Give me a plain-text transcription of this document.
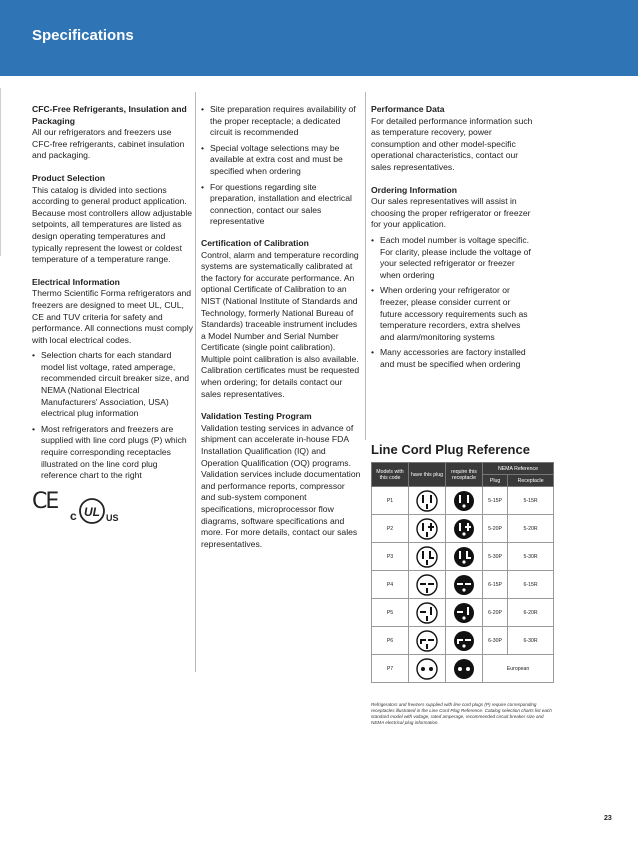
Specifications
CFC-Free Refrigerants, Insulation and Packaging
All our refrigerators and freezers use CFC-free refrigerants, cabinet insulation and packaging.
Product Selection
This catalog is divided into sections according to general product application. Because most controllers allow adjustable setpoints, all temperatures are listed as design operating temperatures and typically represent the lowest or coldest temperature of a temperature range.
Electrical Information
Thermo Scientific Forma refrigerators and freezers are designed to meet UL, CUL, CE and TUV criteria for safety and performance. All connections must comply with local electrical codes.
• Selection charts for each standard model list voltage, rated amperage, recommended circuit breaker size, and NEMA (National Electrical Manufacturers' Association, USA) electrical plug information
• Most refrigerators and freezers are supplied with line cord plugs (P) which require corresponding receptacles illustrated on the line cord plug reference chart to the right
CE
c UL US
• Site preparation requires availability of the proper receptacle; a dedicated circuit is recommended
• Special voltage selections may be available at extra cost and must be specified when ordering
• For questions regarding site preparation, installation and electrical connection, contact our sales representative
Certification of Calibration
Control, alarm and temperature recording systems are systematically calibrated at the factory for accurate performance. An optional Certificate of Calibration to an NIST (National Institute of Standards and Technology, formerly National Bureau of Standards) traceable instrument includes a Model Number and Serial Number Certificate (single point calibration). Multiple point calibration is also available. Calibration certificates must be requested when ordering; for details contact our sales representatives.
Validation Testing Program
Validation testing services in advance of shipment can accelerate in-house FDA Installation Qualification (IQ) and Operation Qualification (OQ) programs. Validation services include documentation and performance reports, compressor and sub-system component specifications, microprocessor flow diagrams, software specifications and more. For more details, contact our sales representatives.
Performance Data
For detailed performance information such as temperature recovery, power consumption and other model-specific operational characteristics, contact our sales representatives.
Ordering Information
Our sales representatives will assist in choosing the proper refrigerator or freezer for your application.
• Each model number is voltage specific. For clarity, please include the voltage of your selected refrigerator or freezer when ordering
• When ordering your refrigerator or freezer, please consider current or future accessory requirements such as temperature recorders, extra shelves and alarm/monitoring systems
• Many accessories are factory installed and must be specified when ordering
Line Cord Plug Reference
Models with this code	have this plug	require this receptacle	NEMA Reference	
			Plug	Receptacle
P1			5-15P	5-15R
P2			5-20P	5-20R
P3			5-30P	5-30R
P4			6-15P	6-15R
P5			6-20P	6-20R
P6			6-30P	6-30R
P7			European	
Refrigerators and freezers supplied with line cord plugs (P) require corresponding receptacles illustrated in the Line Cord Plug Reference. Catalog selection charts list each standard model with voltage, rated amperage, recommended circuit breaker size and NEMA electrical plug information.
23
